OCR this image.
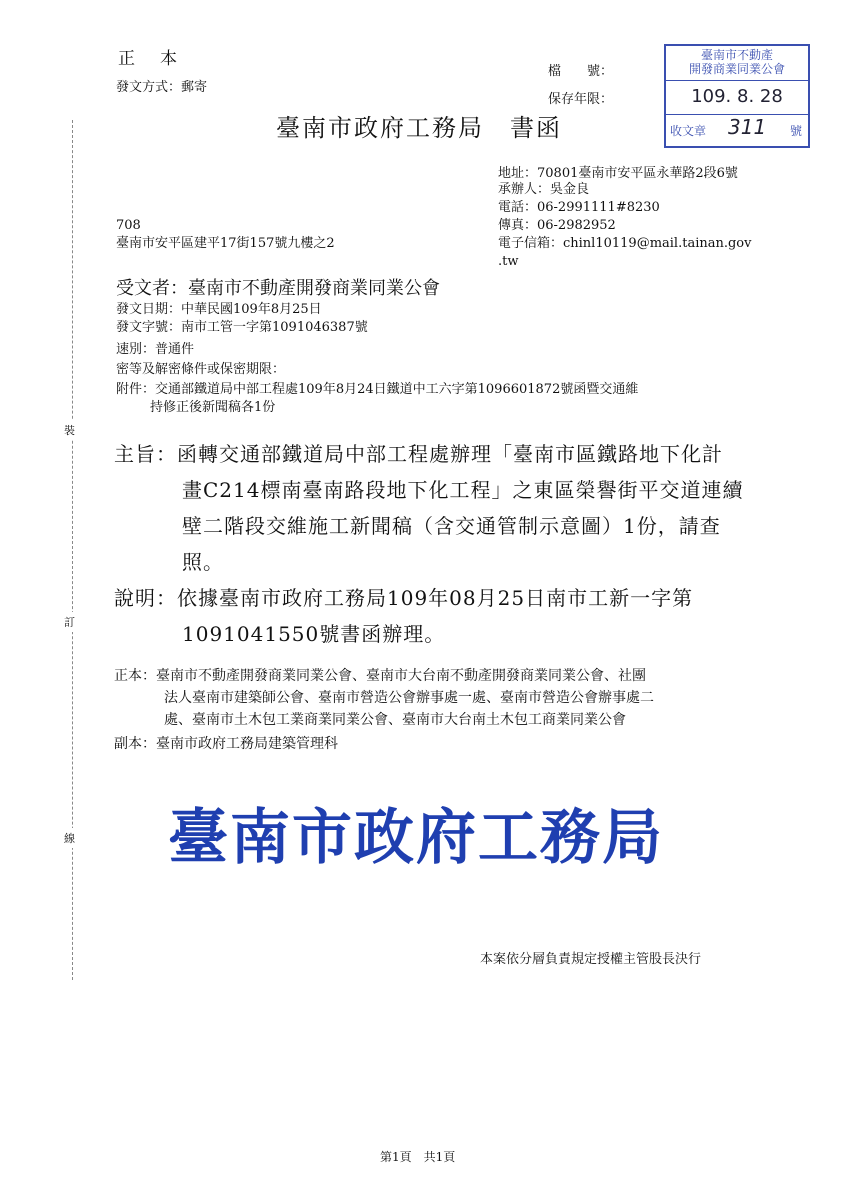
裝
訂
線
正　本
發文方式：郵寄
檔　　號：
保存年限：
臺南市政府工務局　書函
臺南市不動產
開發商業同業公會
109. 8. 28
收文章 311 號
地址：70801臺南市安平區永華路2段6號
承辦人：吳金良
電話：06-2991111#8230
傳真：06-2982952
電子信箱：chinl10119@mail.tainan.gov
.tw
708
臺南市安平區建平17街157號九樓之2
受文者：臺南市不動產開發商業同業公會
發文日期：中華民國109年8月25日
發文字號：南市工管一字第1091046387號
速別：普通件
密等及解密條件或保密期限：
附件：交通部鐵道局中部工程處109年8月24日鐵道中工六字第1096601872號函暨交通維
持修正後新聞稿各1份
主旨：函轉交通部鐵道局中部工程處辦理「臺南市區鐵路地下化計
畫C214標南臺南路段地下化工程」之東區榮譽街平交道連續
壁二階段交維施工新聞稿（含交通管制示意圖）1份，請查
照。
說明：依據臺南市政府工務局109年08月25日南市工新一字第
1091041550號書函辦理。
正本：臺南市不動產開發商業同業公會、臺南市大台南不動產開發商業同業公會、社團
法人臺南市建築師公會、臺南市營造公會辦事處一處、臺南市營造公會辦事處二
處、臺南市土木包工業商業同業公會、臺南市大台南土木包工商業同業公會
副本：臺南市政府工務局建築管理科
臺南市政府工務局
本案依分層負責規定授權主管股長決行
第1頁　共1頁
